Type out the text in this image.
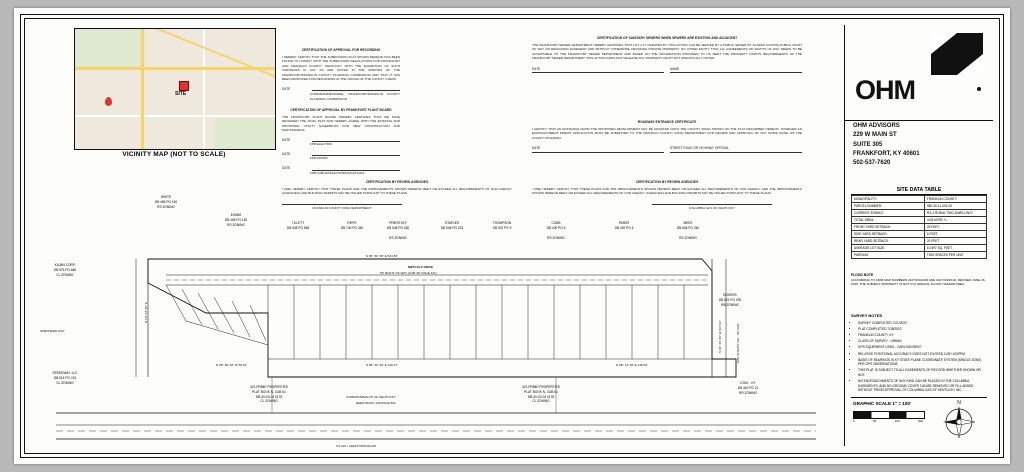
SITE
VICINITY MAP (NOT TO SCALE)
CERTIFICATION OF APPROVAL FOR RECORDING
I HEREBY CERTIFY THAT THE SUBDIVISION PLAT SHOWN HEREON HAS BEEN FOUND TO COMPLY WITH THE SUBDIVISION REGULATIONS FOR FRANKFORT AND FRANKLIN COUNTY, KENTUCKY WITH THE EXCEPTION OF SUCH VARIANCES IF ANY AS ARE NOTED IN THE MINUTES OF THE FRANKFORT/FRANKLIN COUNTY PLANNING COMMISSION AND THAT IT HAS BEEN APPROVED FOR RECORDING IN THE OFFICE OF THE COUNTY CLERK.
DATE
CHAIRMAN/DESIGNEE, FRANKFORT/FRANKLIN COUNTY PLANNING COMMISSION
CERTIFICATION OF APPROVAL BY FRANKFORT PLANT BOARD
THE FRANKFORT PLANT BOARD HEREBY CERTIFIES THAT WE HAVE REVIEWED THE FINAL PLAT AND HEREBY AGREE WITH THE EXISTING AND PROPOSED UTILITY EASEMENTS FOR NEW CONSTRUCTION AND MAINTENANCE.
DATE
FPB ELECTRIC
DATE
FPB WATER
DATE
FPB CABLE/TELECOMMUNICATIONS
CERTIFICATION BY REVIEW AGENCIES
I (WE) HEREBY CERTIFY THAT THESE PLANS AND THE IMPROVEMENTS SHOWN HEREON MEET OR EXCEED ALL REQUIREMENTS OF OUR AGENCY (AGENCIES) AND BUILDING PERMITS MAY BE ISSUED PURSUANT TO THESE PLANS.
FRANKLIN COUNTY FIRE DEPARTMENT
CERTIFICATION OF SANITARY SEWERS WHEN SEWERS ARE EXISTING AND ADJACENT
THE FRANKFORT SEWER DEPARTMENT HEREBY CERTIFIES THAT LOT 1-17 CREATED BY THIS ACTION CAN BE SERVED BY A PUBLIC SEWER BY ACCESS ACROSS PUBLIC RIGHT OF WAY OR DEDICATED EASEMENT AND WITHOUT OTHERWISE CROSSING PRIVATE PROPERTY. NO OTHER ENTITY THAT ALL AGREEMENTS OR RIGHTS OF WAY NEEDS TO BE ACCEPTABLE TO THE FRANKFORT SEWER DEPARTMENT AND BASED ON THE INFORMATION PROVIDED TO US MEET THE PROPERTY RIGHTS REQUIREMENTS OF THE FRANKFORT SEWER DEPARTMENT. THIS ACTION DOES NOT RELEASE ANY PROPERTY RIGHT NOT SPECIFICALLY NOTED.
DATE	NAME
ROADWAY ENTRANCE CERTIFICATE
I CERTIFY THAT AN ENTRANCE FROM THE PROPOSED DEVELOPMENT MAY BE GRANTED ONTO THE COUNTY ROAD SHOWN ON THE PLAT DESCRIBED HEREON. HOWEVER AN ENCROACHMENT PERMIT APPLICATION MUST BE SUBMITTED TO THE FRANKLIN COUNTY ROAD DEPARTMENT FOR REVIEW AND APPROVAL OF ANY WORK DONE ON THE COUNTY ROADWAY.
DATE	STREET ROAD OR HIGHWAY OFFICIAL
CERTIFICATION BY REVIEW AGENCIES
I (WE) HEREBY CERTIFY THAT THESE PLANS AND THE IMPROVEMENTS SHOWN HEREON MEET OR EXCEED ALL REQUIREMENTS OF OUR AGENCY AND THE IMPROVEMENTS SHOWN HEREON MEET OR EXCEED ALL REQUIREMENTS OF OUR AGENCY (AGENCIES) AND BUILDING PERMITS MAY BE ISSUED PURSUANT TO THESE PLANS.
COLUMBIA GAS OF KENTUCKY
OHM
OHM ADVISORS
229 W MAIN ST
SUITE 305
FRANKFORT, KY 40601
502-537-7620
SITE DATA TABLE
MUNICIPALITY:	FRANKLIN COUNTY
PARCEL NUMBER:	080-30-11-001.00
CURRENT ZONING:	RS-1 RURAL TWO-DWELLING*
TOTAL AREA:	4.08 ACRE +/-
FRONT YARD SETBACK:	25 FEET
SIDE YARD SETBACK:	5 FEET
REAR YARD SETBACK:	20 FEET
AVERAGE LOT SIZE:	10,597 SQ. FEET
PARKING:	TWO SPACES PER UNIT
FLOOD NOTE
ACCORDING TO FIRM MAP NUMBERS 21073C0132D AND 21073C0151D, REVISED JUNE 16, 2015, THE SUBJECT PROPERTY IS NOT IN A SPECIAL FLOOD HAZARD AREA.
SURVEY NOTES
• SURVEY COMPLETED 7/21/2022
• PLAT COMPLETED 7/28/2022
• FRANKLIN COUNTY, KY
• CLASS OF SURVEY - URBAN
• GPS EQUIPMENT USED - CARLSON BRX7
• RELATIVE POSITIONAL ACCURACY DOES NOT EXCEED 0.05'+100PPM
• BASIS OF BEARINGS IS KY STATE PLANE COORDINATE SYSTEM (SINGLE ZONE) PER GPS OBSERVATIONS
• THIS PLAT IS SUBJECT TO ALL EASEMENTS OF RECORD WHETHER SHOWN OR NOT.
• NO ENCROACHMENTS OF ANY KIND CAN BE PLACED IN THE COLUMBIA EASEMENTS, AND NO GROUND COVER CAN BE REMOVED OR FILL ADDED WITHOUT PRIOR APPROVAL OF COLUMBIA GAS OF KENTUCKY INC.
GRAPHIC SCALE 1" = 100'
0	50	100	200
N
WHITE
DB 465 PG 140
RS ZONING
EVANS
DB 408 PG 130
RS ZONING	TILLETT
DB 538 PG 566
RIFFE
DB 740 PG 260
PRIESTLEY
DB 548 PG 430
RS ZONING
STAPLES
DB 546 PG 233
THOMPSON
DB 397 PG 9
COBB
DB 400 PG 6
RS ZONING
PARKS
DB 452 PG 6
MEEK
DB 606 PG 240
RS ZONING
KAJAN CORP.
DB 576 PG 846
CL ZONING
SPEEDWAY, LLC
DB 516 PG 215
CL ZONING
BOKERS
DB 522 PG 290
RB ZONING
COM. - KY
DB 440 PG 21
RR ZONING
421 PRIME PROPERTIES
PLAT BOOK N, CAB 61
DB-00-03-03 0178
CL ZONING
421 PRIME PROPERTIES
PLAT BOOK N, CAB 61
DB-00-03-03 0178
CL ZONING
METCALF DRIVE
50' RIGHT OF WAY (CAB 38, PAGE 121)
SHEPHERD WAY	OAK SHELBY DR. - 50' R/W
S 86° 36' 30" E 534.53'
N 03° 23' 30" E
S 86° 36' 30" E 318.47'
N 05° 38' 48" W 63.91'	N 88° 14' 38" E 116.03'
S 03° 23' 30" W 207.00'
COMMONWEALTH OF KENTUCKY
DEED BOOK 446 PAGE 562
US 421 / LEESTOWN ROAD
